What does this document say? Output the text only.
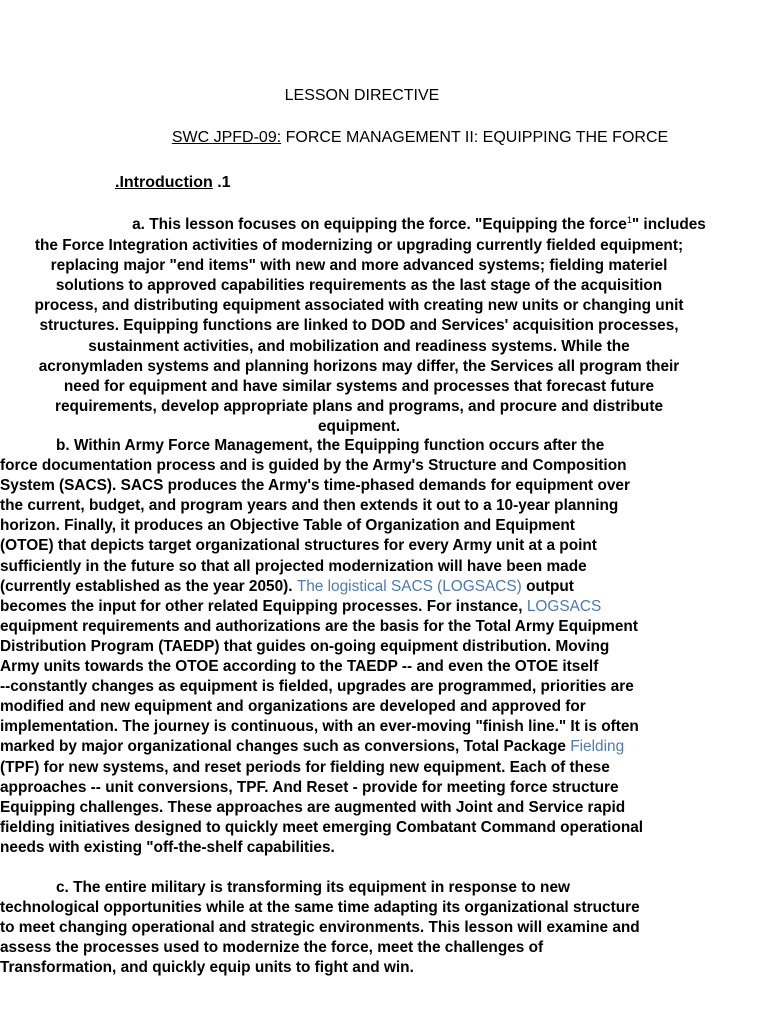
LESSON DIRECTIVE
SWC JPFD-09: FORCE MANAGEMENT II: EQUIPPING THE FORCE
.Introduction .1
a. This lesson focuses on equipping the force. "Equipping the force$^1$" includes
the Force Integration activities of modernizing or upgrading currently fielded equipment;
replacing major "end items" with new and more advanced systems; fielding materiel
solutions to approved capabilities requirements as the last stage of the acquisition
process, and distributing equipment associated with creating new units or changing unit
structures. Equipping functions are linked to DOD and Services' acquisition processes,
sustainment activities, and mobilization and readiness systems. While the
acronymladen systems and planning horizons may differ, the Services all program their
need for equipment and have similar systems and processes that forecast future
requirements, develop appropriate plans and programs, and procure and distribute
equipment.
b. Within Army Force Management, the Equipping function occurs after the
force documentation process and is guided by the Army's Structure and Composition
System (SACS). SACS produces the Army's time-phased demands for equipment over
the current, budget, and program years and then extends it out to a 10-year planning
horizon. Finally, it produces an Objective Table of Organization and Equipment
(OTOE) that depicts target organizational structures for every Army unit at a point
sufficiently in the future so that all projected modernization will have been made
(currently established as the year 2050). The logistical SACS (LOGSACS) output
becomes the input for other related Equipping processes. For instance, LOGSACS
equipment requirements and authorizations are the basis for the Total Army Equipment
Distribution Program (TAEDP) that guides on-going equipment distribution. Moving
Army units towards the OTOE according to the TAEDP -- and even the OTOE itself
--constantly changes as equipment is fielded, upgrades are programmed, priorities are
modified and new equipment and organizations are developed and approved for
implementation. The journey is continuous, with an ever-moving "finish line." It is often
marked by major organizational changes such as conversions, Total Package Fielding
(TPF) for new systems, and reset periods for fielding new equipment. Each of these
approaches -- unit conversions, TPF. And Reset - provide for meeting force structure
Equipping challenges. These approaches are augmented with Joint and Service rapid
fielding initiatives designed to quickly meet emerging Combatant Command operational
needs with existing "off-the-shelf capabilities.
c. The entire military is transforming its equipment in response to new
technological opportunities while at the same time adapting its organizational structure
to meet changing operational and strategic environments. This lesson will examine and
assess the processes used to modernize the force, meet the challenges of
Transformation, and quickly equip units to fight and win.
